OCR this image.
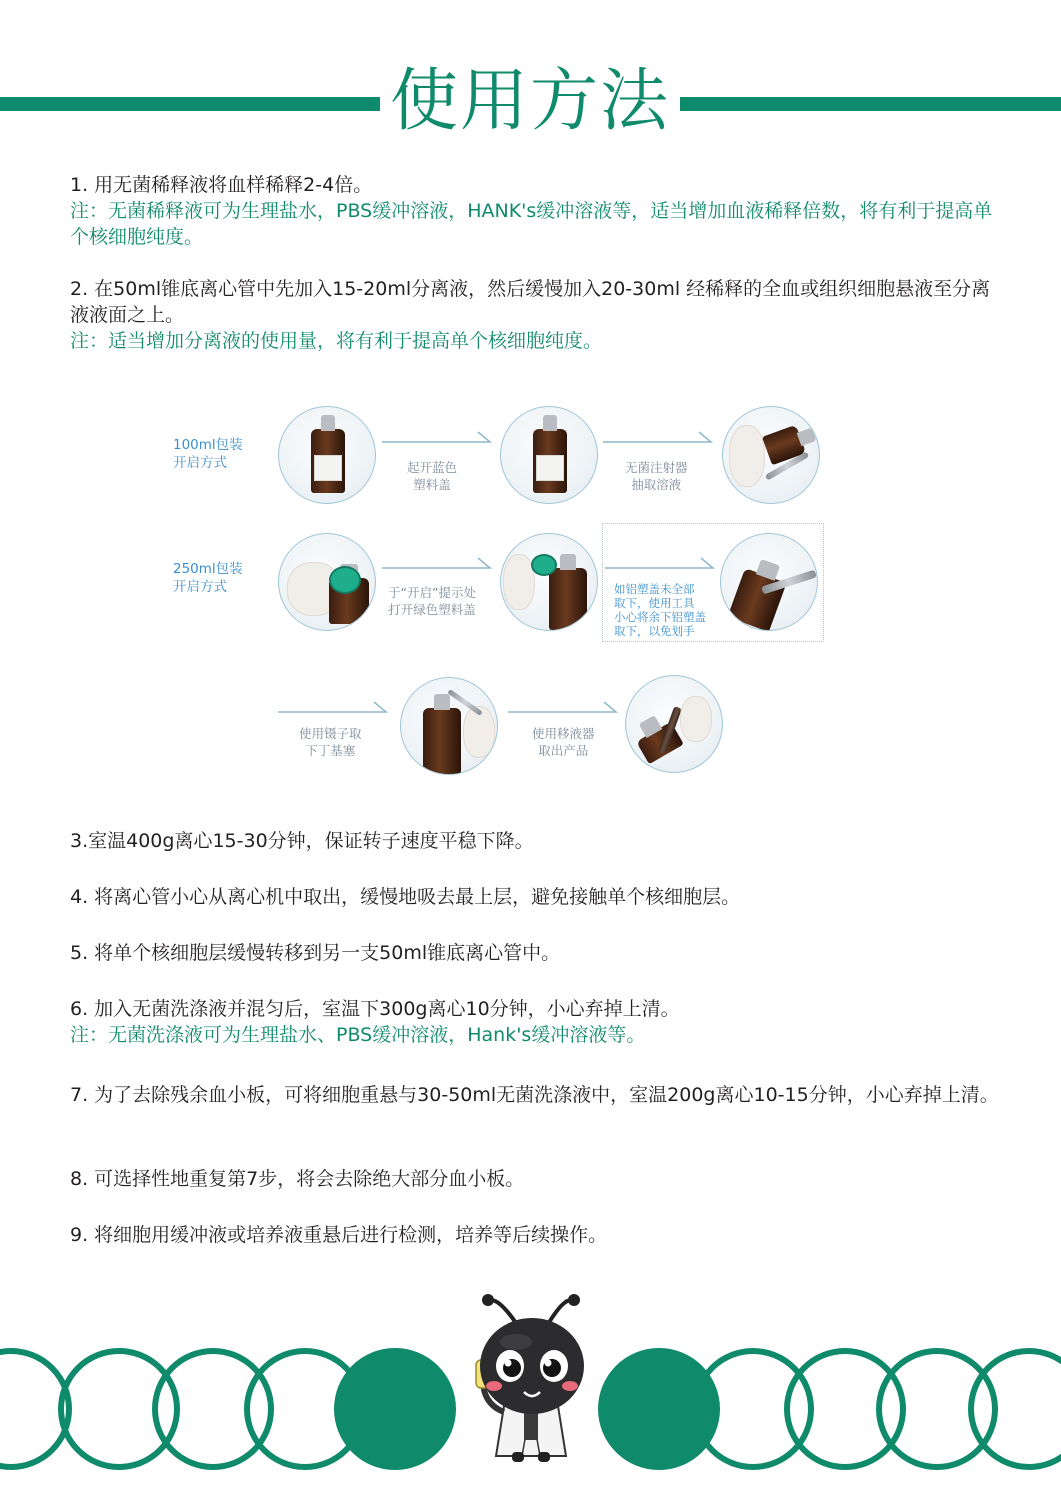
使用方法
1. 用无菌稀释液将血样稀释2-4倍。
注：无菌稀释液可为生理盐水，PBS缓冲溶液，HANK's缓冲溶液等，适当增加血液稀释倍数，将有利于提高单个核细胞纯度。
2. 在50ml锥底离心管中先加入15-20ml分离液，然后缓慢加入20-30ml 经稀释的全血或组织细胞悬液至分离液液面之上。
注：适当增加分离液的使用量，将有利于提高单个核细胞纯度。
100ml包装
开启方式	起开蓝色
塑料盖
无菌注射器
抽取溶液
250ml包装
开启方式	于“开启”提示处
打开绿色塑料盖
如铝塑盖未全部
取下，使用工具
小心将余下铝塑盖
取下，以免划手
使用镊子取
下丁基塞
使用移液器
取出产品
3.室温400g离心15-30分钟，保证转子速度平稳下降。
4. 将离心管小心从离心机中取出，缓慢地吸去最上层，避免接触单个核细胞层。
5. 将单个核细胞层缓慢转移到另一支50ml锥底离心管中。
6. 加入无菌洗涤液并混匀后，室温下300g离心10分钟，小心弃掉上清。
注：无菌洗涤液可为生理盐水、PBS缓冲溶液，Hank's缓冲溶液等。
7. 为了去除残余血小板，可将细胞重悬与30-50ml无菌洗涤液中，室温200g离心10-15分钟，小心弃掉上清。
8. 可选择性地重复第7步，将会去除绝大部分血小板。
9. 将细胞用缓冲液或培养液重悬后进行检测，培养等后续操作。
